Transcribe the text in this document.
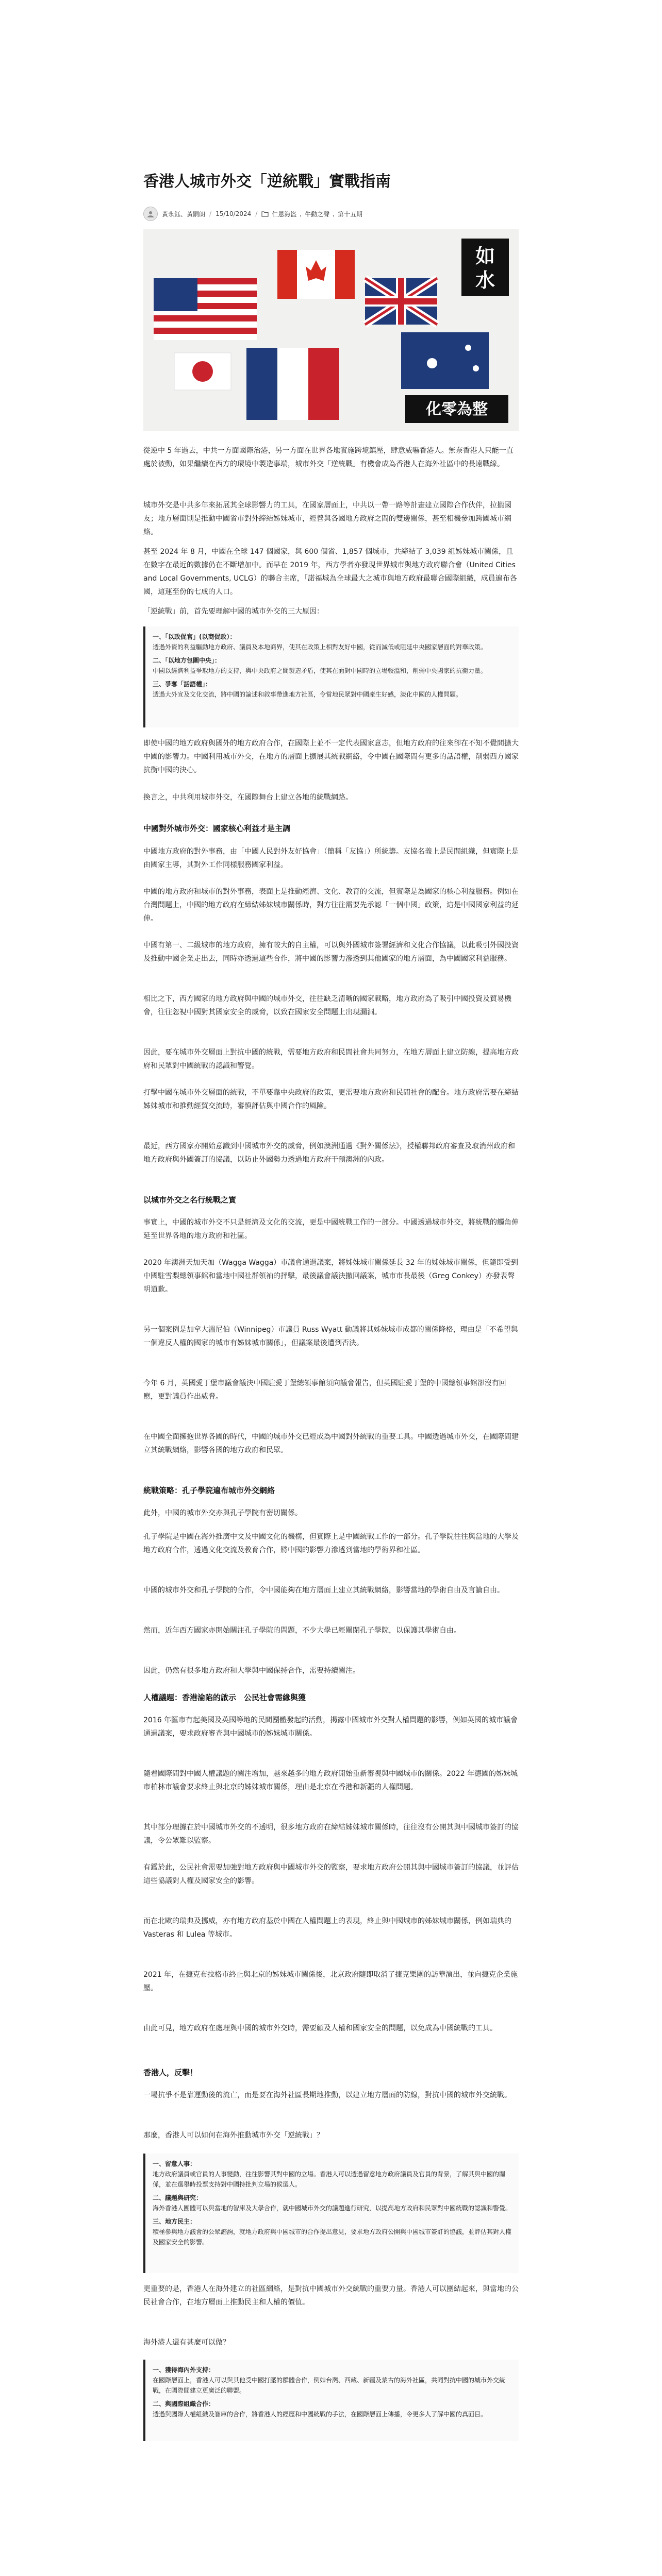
香港人城市外交「逆統戰」實戰指南
黃永鈺、黃嗣朗 / 15/10/2024 / 仁恩海盜 , 牛動之聲 , 第十五期
如
水
化零為整
從逆中 5 年過去，中共一方面國際治港，另一方面在世界各地實施跨境鎮壓，肆意威嚇香港人。無奈香港人只能一直處於被動，如果繼續在西方的環境中製造事端，城市外交「逆統戰」有機會成為香港人在海外社區中的長遠戰線。
城市外交是中共多年來拓展其全球影響力的工具，在國家層面上，中共以一帶一路等計畫建立國際合作伙伴，拉攏國友；地方層面則是推動中國省市對外締結姊妹城市，經營與各國地方政府之間的雙邊關係，甚至相機參加跨國城市網絡。
甚至 2024 年 8 月，中國在全球 147 個國家，與 600 個省、1,857 個城市，共締結了 3,039 組姊妹城市關係，且在數字在最近的數據仍在不斷增加中。而早在 2019 年，西方學者亦發現世界城市與地方政府聯合會（United Cities and Local Governments, UCLG）的聯合主席，「諾福城為全球最大之城市與地方政府最聯合國際組織，成員遍布各國，這運至份的七成的人口。
「逆統戰」前，首先要理解中國的城市外交的三大原因：
一、「以政促官」(以商促政）：
透過外資的利益驅動地方政府、議員及本地商界，使其在政策上相對友好中國，從而減低或阻延中央國家層面的對華政策。
二、「以地方包圍中央」：
中國以經濟利益爭取地方的支持，與中央政府之間製造矛盾，使其在面對中國時的立場較溫和，削弱中央國家的抗衡力量。
三、爭奪「話語權」：
透過大外宣及文化交流，將中國的論述和敘事帶進地方社區，令當地民眾對中國產生好感，淡化中國的人權問題。
即使中國的地方政府與國外的地方政府合作，在國際上並不一定代表國家意志，但地方政府的往來卻在不知不覺間擴大中國的影響力。中國利用城市外交，在地方的層面上擴展其統戰網絡，令中國在國際間有更多的話語權，削弱西方國家抗衡中國的決心。
換言之，中共利用城市外交，在國際舞台上建立各地的統戰網路。
中國對外城市外交：國家核心利益才是主調
中國地方政府的對外事務，由「中國人民對外友好協會」（簡稱「友協」）所統籌。友協名義上是民間組織，但實際上是由國家主導，其對外工作同樣服務國家利益。
中國的地方政府和城市的對外事務，表面上是推動經濟、文化、教育的交流，但實際是為國家的核心利益服務。例如在台灣問題上，中國的地方政府在締結姊妹城市關係時，對方往往需要先承認「一個中國」政策，這是中國國家利益的延伸。
中國有第一、二級城市的地方政府，擁有較大的自主權，可以與外國城市簽署經濟和文化合作協議，以此吸引外國投資及推動中國企業走出去，同時亦透過這些合作，將中國的影響力滲透到其他國家的地方層面，為中國國家利益服務。
相比之下，西方國家的地方政府與中國的城市外交，往往缺乏清晰的國家戰略，地方政府為了吸引中國投資及貿易機會，往往忽視中國對其國家安全的威脅，以致在國家安全問題上出現漏洞。
因此，要在城市外交層面上對抗中國的統戰，需要地方政府和民間社會共同努力，在地方層面上建立防線，提高地方政府和民眾對中國統戰的認識和警覺。
打擊中國在城市外交層面的統戰，不單要靠中央政府的政策，更需要地方政府和民間社會的配合。地方政府需要在締結姊妹城市和推動經貿交流時，審慎評估與中國合作的風險。
最近，西方國家亦開始意識到中國城市外交的威脅，例如澳洲通過《對外關係法》，授權聯邦政府審查及取消州政府和地方政府與外國簽訂的協議，以防止外國勢力透過地方政府干預澳洲的內政。
以城市外交之名行統戰之實
事實上，中國的城市外交不只是經濟及文化的交流，更是中國統戰工作的一部分。中國透過城市外交，將統戰的觸角伸延至世界各地的地方政府和社區。
2020 年澳洲天加天加（Wagga Wagga）市議會通過議案，將姊妹城市關係延長 32 年的姊妹城市關係，但隨即受到中國駐雪梨總領事館和當地中國社群領袖的抨擊，最後議會議決撤回議案，城市市長最後（Greg Conkey）亦發表聲明道歉。
另一個案例是加拿大溫尼伯（Winnipeg）市議員 Russ Wyatt 動議將其姊妹城市成都的關係降格，理由是「不希望與一個違反人權的國家的城市有姊妹城市關係」，但議案最後遭到否決。
今年 6 月，英國愛丁堡市議會議決中國駐愛丁堡總領事館須向議會報告，但英國駐愛丁堡的中國總領事館卻沒有回應，更對議員作出威脅。
在中國全面擁抱世界各國的時代，中國的城市外交已經成為中國對外統戰的重要工具。中國透過城市外交，在國際間建立其統戰網絡，影響各國的地方政府和民眾。
統戰策略：孔子學院遍布城市外交網絡
此外，中國的城市外交亦與孔子學院有密切關係。
孔子學院是中國在海外推廣中文及中國文化的機構，但實際上是中國統戰工作的一部分。孔子學院往往與當地的大學及地方政府合作，透過文化交流及教育合作，將中國的影響力滲透到當地的學術界和社區。
中國的城市外交和孔子學院的合作，令中國能夠在地方層面上建立其統戰網絡，影響當地的學術自由及言論自由。
然而，近年西方國家亦開始關注孔子學院的問題，不少大學已經關閉孔子學院，以保護其學術自由。
因此，仍然有很多地方政府和大學與中國保持合作，需要持續關注。
人權議題：香港淪陷的啟示　公民社會需緣與獲
2016 年匯市有起美國及英國等地的民間團體發起的活動，揭露中國城市外交對人權問題的影響，例如英國的城市議會通過議案，要求政府審查與中國城市的姊妹城市關係。
隨着國際間對中國人權議題的關注增加，越來越多的地方政府開始重新審視與中國城市的關係。2022 年德國的姊妹城市柏林市議會要求終止與北京的姊妹城市關係，理由是北京在香港和新疆的人權問題。
其中部分理據在於中國城市外交的不透明，很多地方政府在締結姊妹城市關係時，往往沒有公開其與中國城市簽訂的協議，令公眾難以監察。
有鑑於此，公民社會需要加強對地方政府與中國城市外交的監察，要求地方政府公開其與中國城市簽訂的協議，並評估這些協議對人權及國家安全的影響。
而在北歐的瑞典及挪威，亦有地方政府基於中國在人權問題上的表現，終止與中國城市的姊妹城市關係，例如瑞典的 Vasteras 和 Lulea 等城市。
2021 年，在捷克布拉格市終止與北京的姊妹城市關係後，北京政府隨即取消了捷克樂團的訪華演出，並向捷克企業施壓。
由此可見，地方政府在處理與中國的城市外交時，需要顧及人權和國家安全的問題，以免成為中國統戰的工具。
香港人，反擊！
一場抗爭不是靠運動後的流亡，而是要在海外社區長期地推動，以建立地方層面的防線，對抗中國的城市外交統戰。
那麼，香港人可以如何在海外推動城市外交「逆統戰」？
一、留意人事：
地方政府議員或官員的人事變動，往往影響其對中國的立場。香港人可以透過留意地方政府議員及官員的背景，了解其與中國的關係，並在選舉時投票支持對中國持批判立場的候選人。
二、議題與研究：
海外香港人團體可以與當地的智庫及大學合作，就中國城市外交的議題進行研究，以提高地方政府和民眾對中國統戰的認識和警覺。
三、地方民主：
積極參與地方議會的公眾諮詢，就地方政府與中國城市的合作提出意見，要求地方政府公開與中國城市簽訂的協議，並評估其對人權及國家安全的影響。
更重要的是，香港人在海外建立的社區網絡，是對抗中國城市外交統戰的重要力量。香港人可以團結起來，與當地的公民社會合作，在地方層面上推動民主和人權的價值。
海外港人還有甚麼可以做？
一、獲得海內外支持：
在國際層面上，香港人可以與其他受中國打壓的群體合作，例如台灣、西藏、新疆及蒙古的海外社區，共同對抗中國的城市外交統戰，在國際間建立更廣泛的聯盟。
二、與國際組織合作：
透過與國際人權組織及智庫的合作，將香港人的經歷和中國統戰的手法，在國際層面上傳播，令更多人了解中國的真面目。
